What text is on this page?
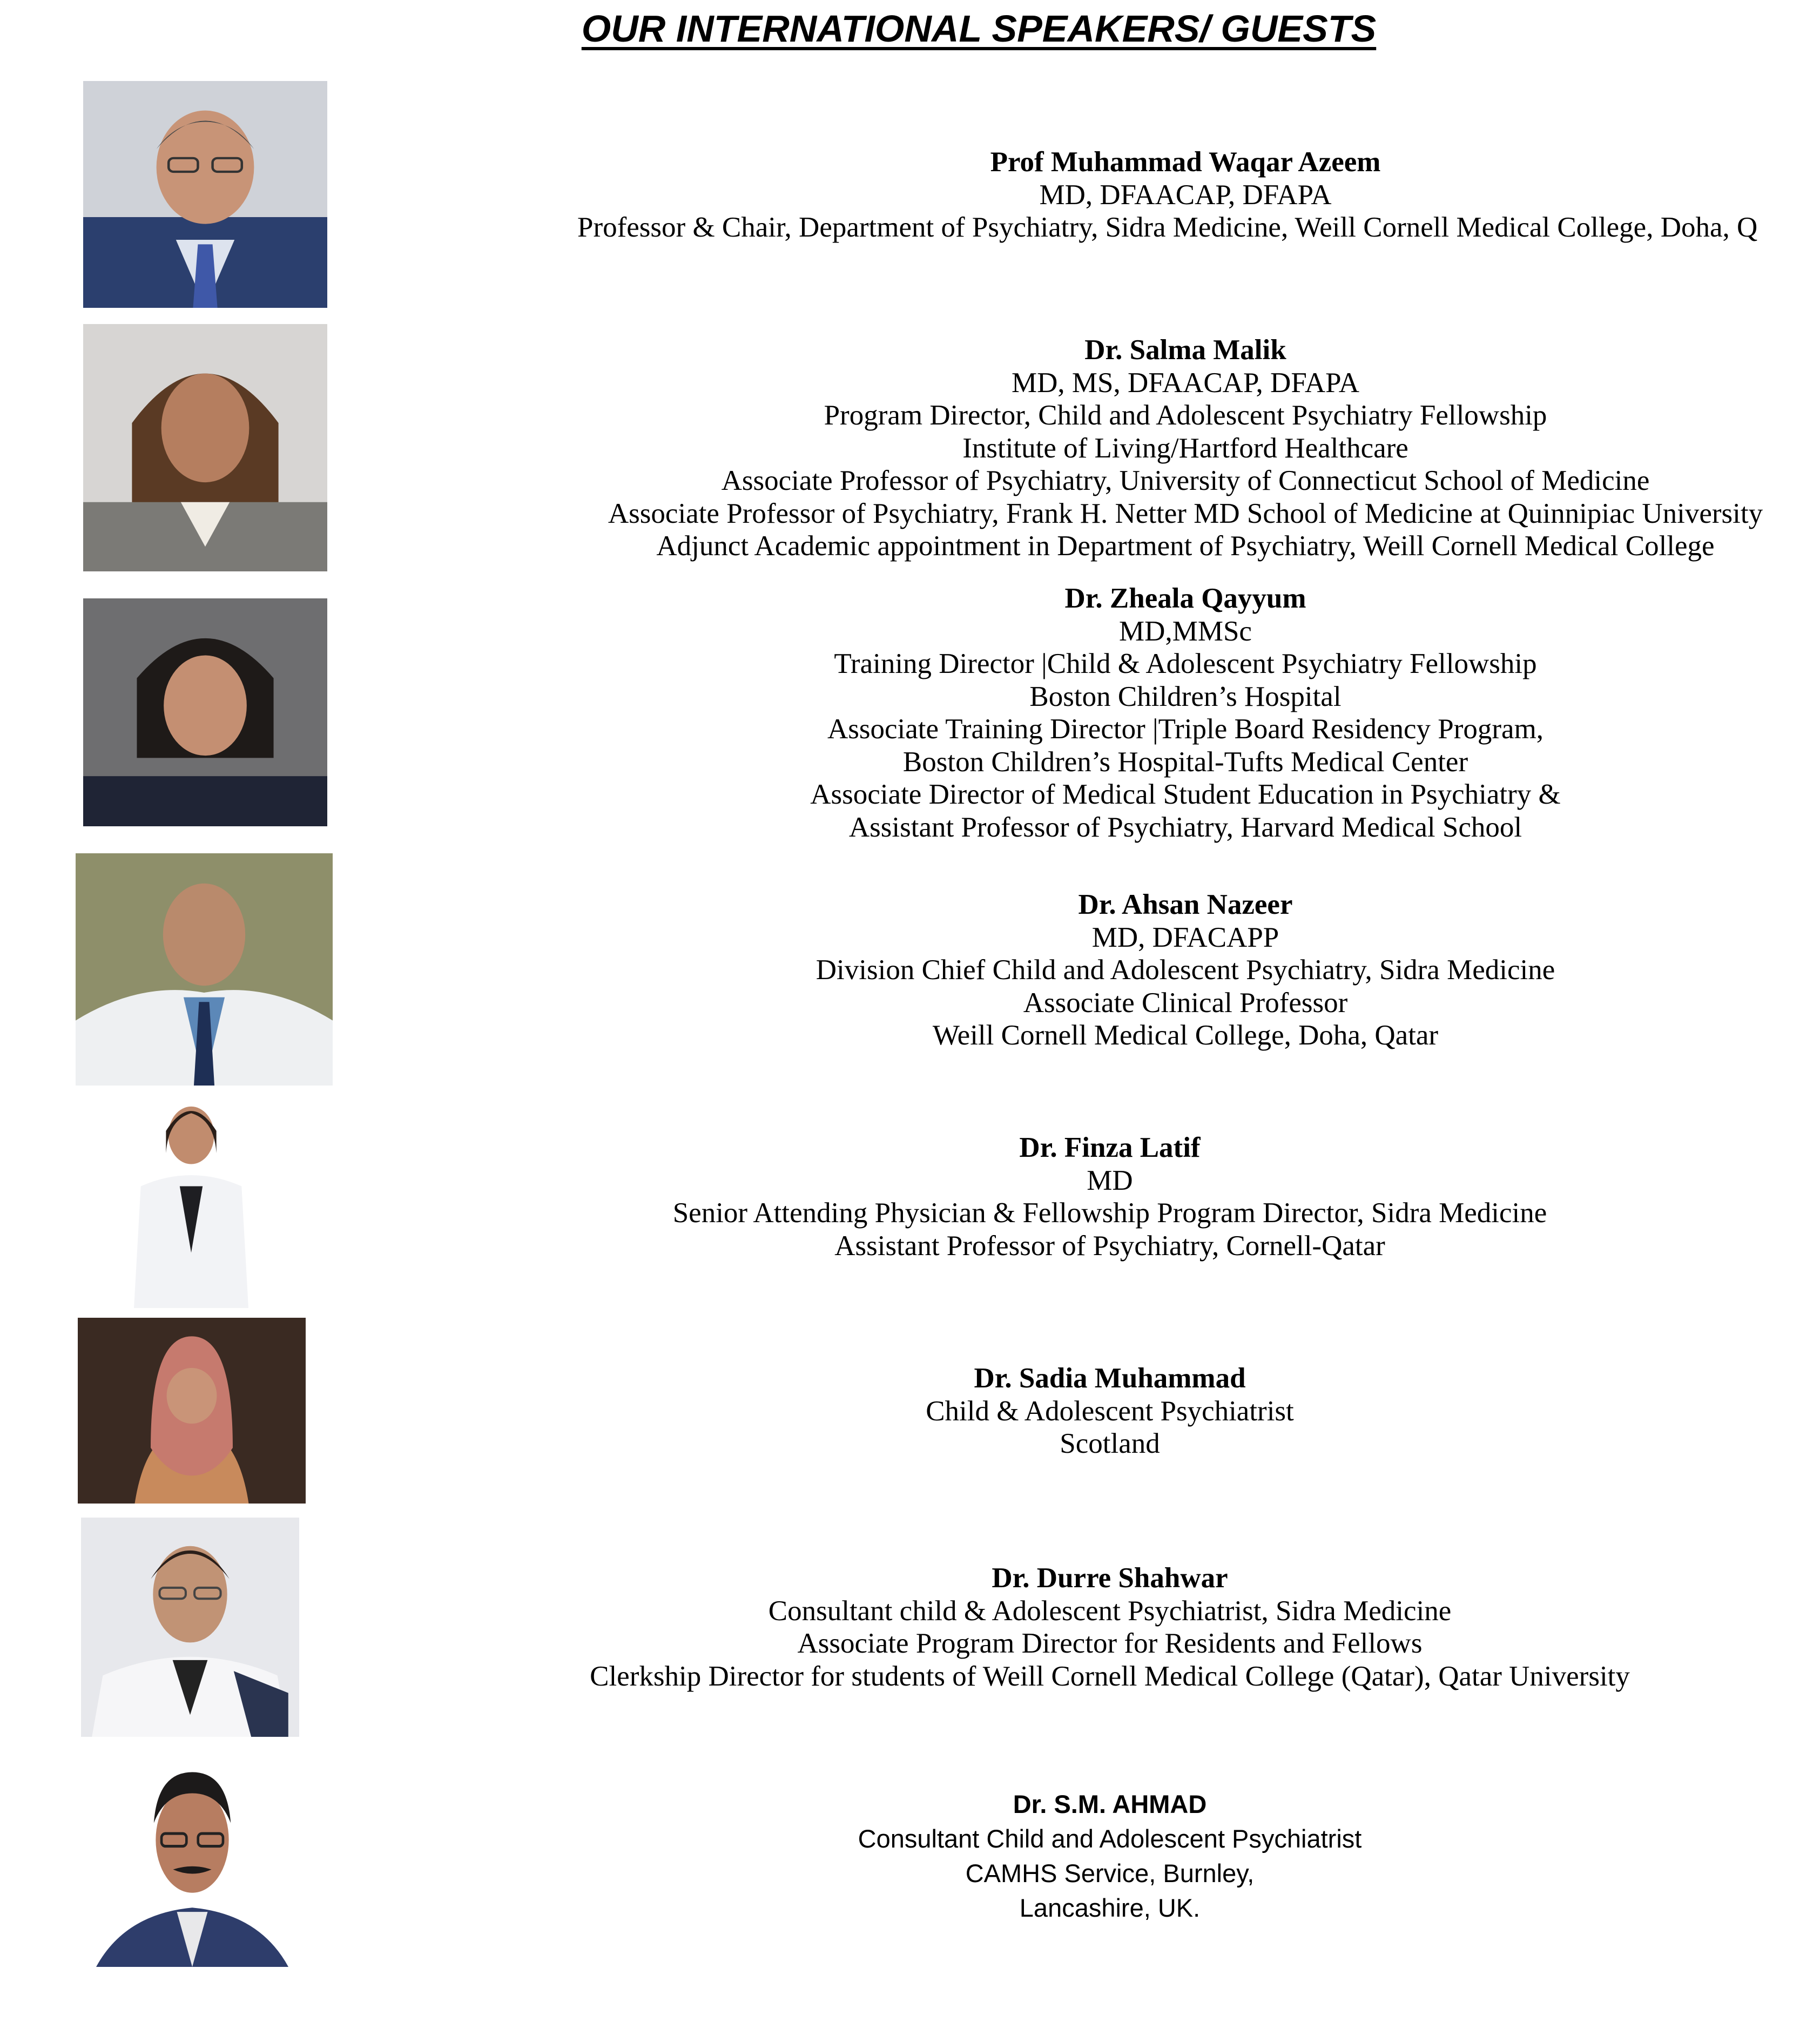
OUR INTERNATIONAL SPEAKERS/ GUESTS
Prof Muhammad Waqar Azeem
MD, DFAACAP, DFAPA
Professor & Chair, Department of Psychiatry, Sidra Medicine, Weill Cornell Medical College, Doha, Q
Dr. Salma Malik
MD, MS, DFAACAP, DFAPA
Program Director, Child and Adolescent Psychiatry Fellowship
Institute of Living/Hartford Healthcare
Associate Professor of Psychiatry, University of Connecticut School of Medicine
Associate Professor of Psychiatry, Frank H. Netter MD School of Medicine at Quinnipiac University
Adjunct Academic appointment in Department of Psychiatry, Weill Cornell Medical College
Dr. Zheala Qayyum
MD,MMSc
Training Director |Child & Adolescent Psychiatry Fellowship
Boston Children’s Hospital
Associate Training Director |Triple Board Residency Program,
Boston Children’s Hospital-Tufts Medical Center
Associate Director of Medical Student Education in Psychiatry &
Assistant Professor of Psychiatry, Harvard Medical School
Dr. Ahsan Nazeer
MD, DFACAPP
Division Chief Child and Adolescent Psychiatry, Sidra Medicine
Associate Clinical Professor
Weill Cornell Medical College, Doha, Qatar
Dr. Finza Latif
MD
Senior Attending Physician & Fellowship Program Director, Sidra Medicine
Assistant Professor of Psychiatry, Cornell-Qatar
Dr. Sadia Muhammad
Child & Adolescent Psychiatrist
Scotland
Dr. Durre Shahwar
Consultant child & Adolescent Psychiatrist, Sidra Medicine
Associate Program Director for Residents and Fellows
Clerkship Director for students of Weill Cornell Medical College (Qatar), Qatar University
Dr. S.M. AHMAD
Consultant Child and Adolescent Psychiatrist
CAMHS Service, Burnley,
Lancashire, UK.
